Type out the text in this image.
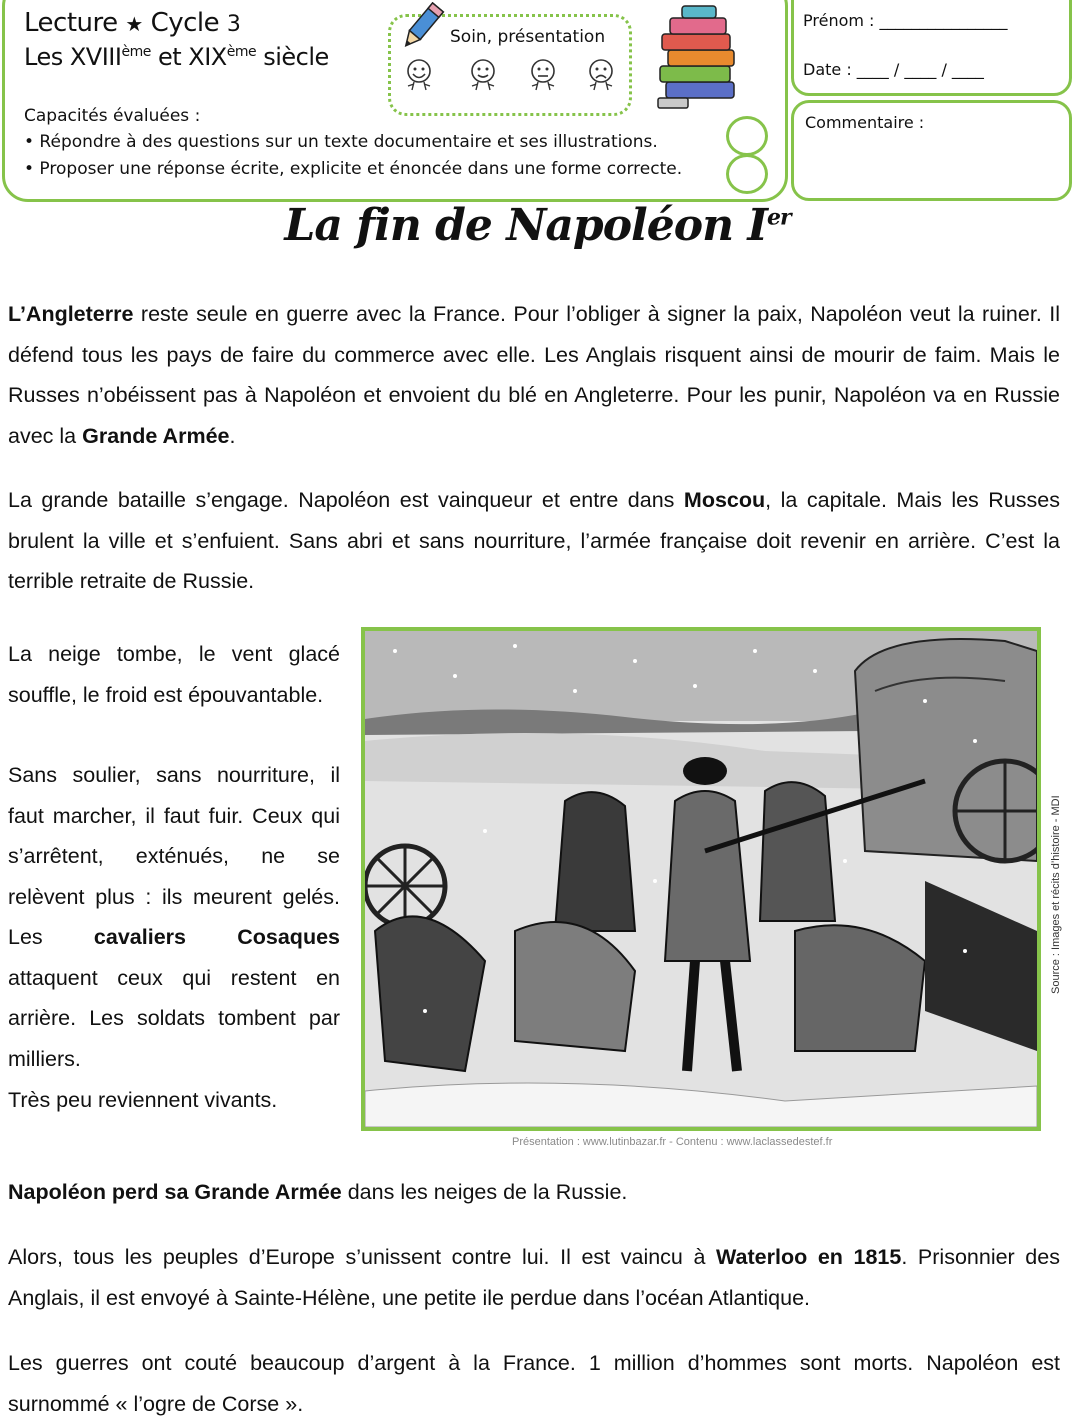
Lecture ★ Cycle 3
Les XVIIIème et XIXème siècle
Soin, présentation
Capacités évaluées :
• Répondre à des questions sur un texte documentaire et ses illustrations.
• Proposer une réponse écrite, explicite et énoncée dans une forme correcte.
Prénom : ________________
Date : ____ / ____ / ____
Commentaire :
La fin de Napoléon Ier

L’Angleterre reste seule en guerre avec la France. Pour l’obliger à signer la paix, Napoléon veut la ruiner. Il défend tous les pays de faire du commerce avec elle. Les Anglais risquent ainsi de mourir de faim. Mais le Russes n’obéissent pas à Napoléon et envoient du blé en Angleterre. Pour les punir, Napoléon va en Russie avec la Grande Armée.

La grande bataille s’engage. Napoléon est vainqueur et entre dans Moscou, la capitale. Mais les Russes brulent la ville et s’enfuient. Sans abri et sans nourriture, l’armée française doit revenir en arrière. C’est la terrible retraite de Russie.

La neige tombe, le vent glacé souffle, le froid est épouvantable.

Sans soulier, sans nourriture, il faut marcher, il faut fuir. Ceux qui s’arrêtent, exténués, ne se relèvent plus : ils meurent gelés. Les cavaliers Cosaques attaquent ceux qui restent en arrière. Les soldats tombent par milliers.

Très peu reviennent vivants.

Présentation : www.lutinbazar.fr - Contenu : www.laclassedestef.fr
Source : Images et récits d’histoire - MDI

Napoléon perd sa Grande Armée dans les neiges de la Russie.

Alors, tous les peuples d’Europe s’unissent contre lui. Il est vaincu à Waterloo en 1815. Prisonnier des Anglais, il est envoyé à Sainte-Hélène, une petite ile perdue dans l’océan Atlantique.

Les guerres ont couté beaucoup d’argent à la France. 1 million d’hommes sont morts. Napoléon est surnommé « l’ogre de Corse ».
